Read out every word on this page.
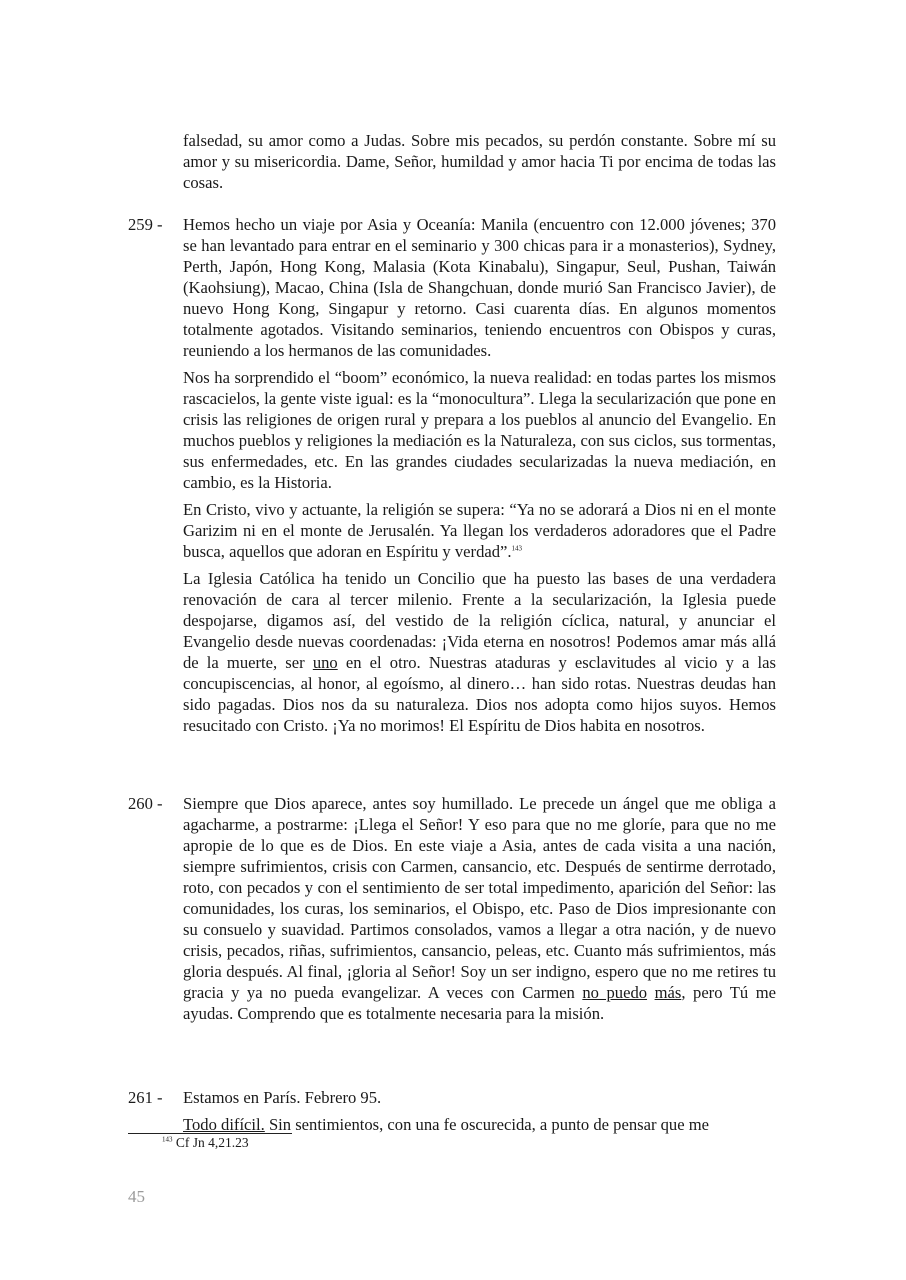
falsedad, su amor como a Judas. Sobre mis pecados, su perdón constante. Sobre mí su amor y su misericordia. Dame, Señor, humildad y amor hacia Ti por encima de todas las cosas.

259 -	Hemos hecho un viaje por Asia y Oceanía: Manila (encuentro con 12.000 jóvenes; 370 se han levantado para entrar en el seminario y 300 chicas para ir a monasterios), Sydney, Perth, Japón, Hong Kong, Malasia (Kota Kinabalu), Singapur, Seul, Pushan, Taiwán (Kaohsiung), Macao, China (Isla de Shangchuan, donde murió San Francisco Javier), de nuevo Hong Kong, Singapur y retorno. Casi cuarenta días. En algunos momentos totalmente agotados. Visitando seminarios, teniendo encuentros con Obispos y curas, reuniendo a los hermanos de las comunidades.

Nos ha sorprendido el “boom” económico, la nueva realidad: en todas partes los mismos rascacielos, la gente viste igual: es la “monocultura”. Llega la secularización que pone en crisis las religiones de origen rural y prepara a los pueblos al anuncio del Evangelio. En muchos pueblos y religiones la mediación es la Naturaleza, con sus ciclos, sus tormentas, sus enfermedades, etc. En las grandes ciudades secularizadas la nueva mediación, en cambio, es la Historia.

En Cristo, vivo y actuante, la religión se supera: “Ya no se adorará a Dios ni en el monte Garizim ni en el monte de Jerusalén. Ya llegan los verdaderos adoradores que el Padre busca, aquellos que adoran en Espíritu y verdad”.$^{143}$

La Iglesia Católica ha tenido un Concilio que ha puesto las bases de una verdadera renovación de cara al tercer milenio. Frente a la secularización, la Iglesia puede despojarse, digamos así, del vestido de la religión cíclica, natural, y anunciar el Evangelio desde nuevas coordenadas: ¡Vida eterna en nosotros! Podemos amar más allá de la muerte, ser uno en el otro. Nuestras ataduras y esclavitudes al vicio y a las concupiscencias, al honor, al egoísmo, al dinero… han sido rotas. Nuestras deudas han sido pagadas. Dios nos da su naturaleza. Dios nos adopta como hijos suyos. Hemos resucitado con Cristo. ¡Ya no morimos! El Espíritu de Dios habita en nosotros.

260 -	Siempre que Dios aparece, antes soy humillado. Le precede un ángel que me obliga a agacharme, a postrarme: ¡Llega el Señor! Y eso para que no me gloríe, para que no me apropie de lo que es de Dios. En este viaje a Asia, antes de cada visita a una nación, siempre sufrimientos, crisis con Carmen, cansancio, etc. Después de sentirme derrotado, roto, con pecados y con el sentimiento de ser total impedimento, aparición del Señor: las comunidades, los curas, los seminarios, el Obispo, etc. Paso de Dios impresionante con su consuelo y suavidad. Partimos consolados, vamos a llegar a otra nación, y de nuevo crisis, pecados, riñas, sufrimientos, cansancio, peleas, etc. Cuanto más sufrimientos, más gloria después. Al final, ¡gloria al Señor! Soy un ser indigno, espero que no me retires tu gracia y ya no pueda evangelizar. A veces con Carmen no puedo más, pero Tú me ayudas. Comprendo que es totalmente necesaria para la misión.

261 -	Estamos en París. Febrero 95.

Todo difícil. Sin sentimientos, con una fe oscurecida, a punto de pensar que me

$^{143}$ Cf Jn 4,21.23
45
